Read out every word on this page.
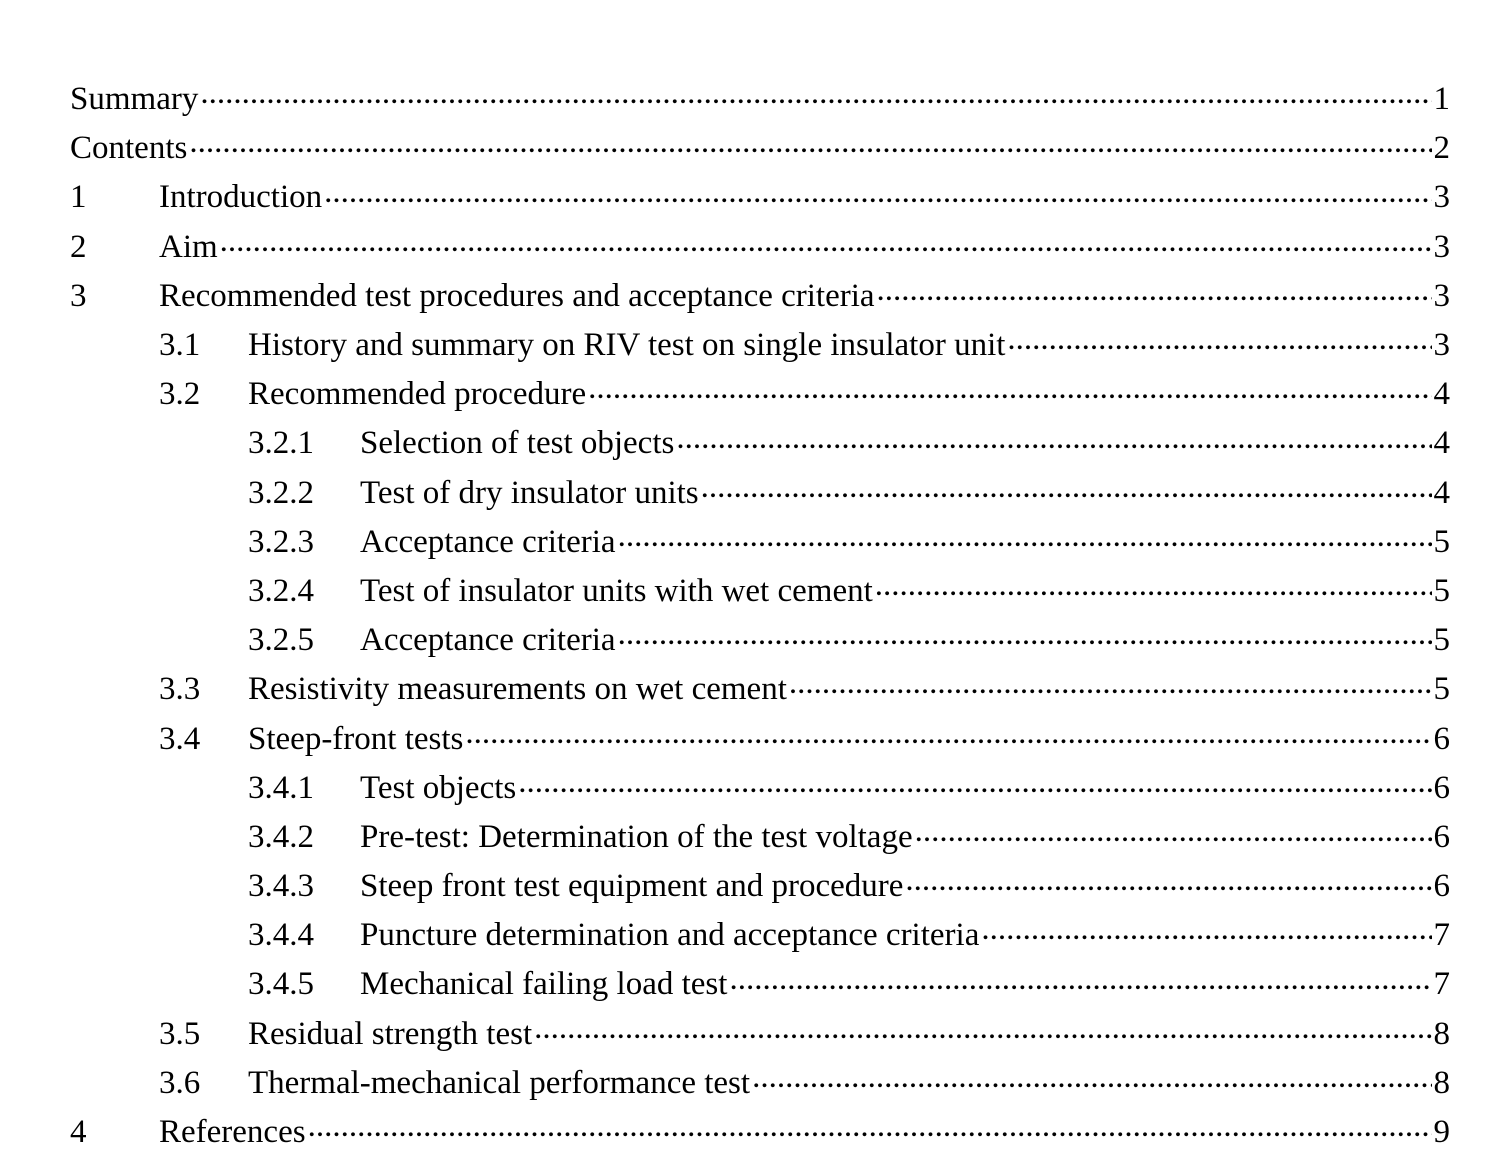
Summary .....	1
Contents .....	2
1	Introduction .....	3
2	Aim .....	3
3	Recommended test procedures and acceptance criteria .....	3
3.1	History and summary on RIV test on single insulator unit .....	3
3.2	Recommended procedure .....	4
3.2.1	Selection of test objects .....	4
3.2.2	Test of dry insulator units .....	4
3.2.3	Acceptance criteria .....	5
3.2.4	Test of insulator units with wet cement .....	5
3.2.5	Acceptance criteria .....	5
3.3	Resistivity measurements on wet cement .....	5
3.4	Steep-front tests .....	6
3.4.1	Test objects .....	6
3.4.2	Pre-test: Determination of the test voltage .....	6
3.4.3	Steep front test equipment and procedure .....	6
3.4.4	Puncture determination and acceptance criteria .....	7
3.4.5	Mechanical failing load test .....	7
3.5	Residual strength test .....	8
3.6	Thermal-mechanical performance test .....	8
4	References .....	9
